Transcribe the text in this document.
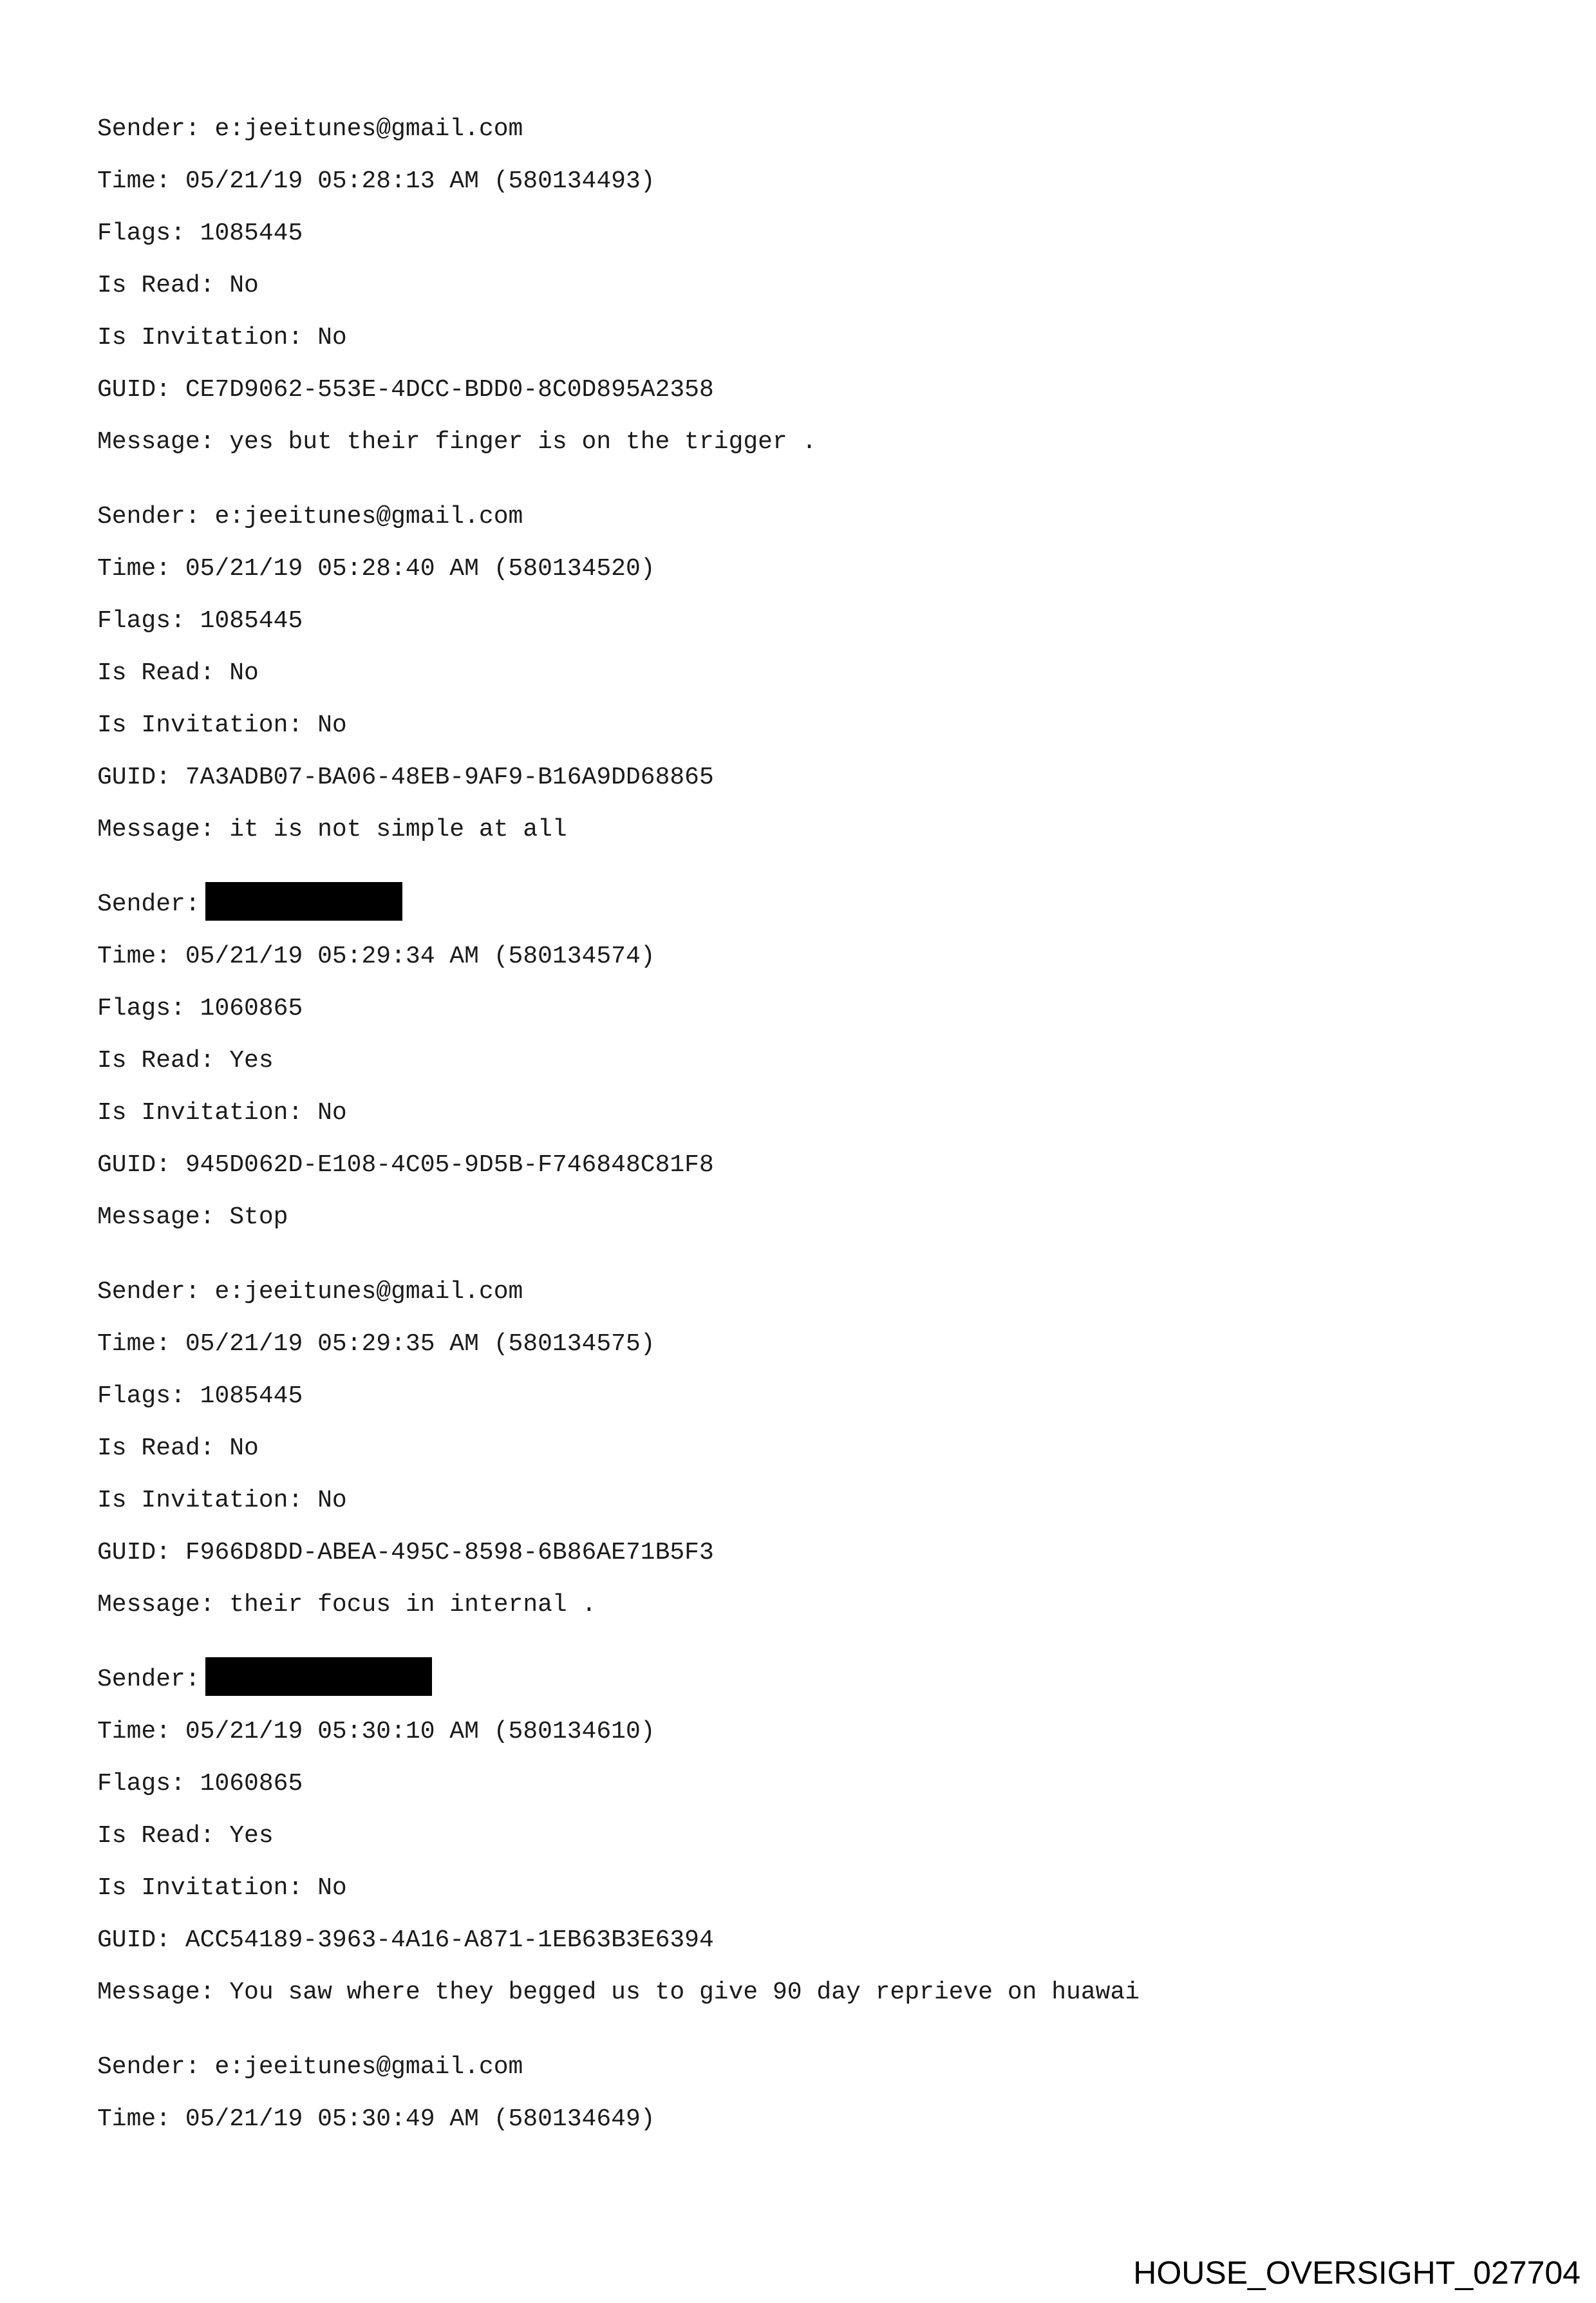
Sender: e:jeeitunes@gmail.com
Time: 05/21/19 05:28:13 AM (580134493)
Flags: 1085445
Is Read: No
Is Invitation: No
GUID: CE7D9062-553E-4DCC-BDD0-8C0D895A2358
Message: yes but their finger is on the trigger .
Sender: e:jeeitunes@gmail.com
Time: 05/21/19 05:28:40 AM (580134520)
Flags: 1085445
Is Read: No
Is Invitation: No
GUID: 7A3ADB07-BA06-48EB-9AF9-B16A9DD68865
Message: it is not simple at all
Sender:
Time: 05/21/19 05:29:34 AM (580134574)
Flags: 1060865
Is Read: Yes
Is Invitation: No
GUID: 945D062D-E108-4C05-9D5B-F746848C81F8
Message: Stop
Sender: e:jeeitunes@gmail.com
Time: 05/21/19 05:29:35 AM (580134575)
Flags: 1085445
Is Read: No
Is Invitation: No
GUID: F966D8DD-ABEA-495C-8598-6B86AE71B5F3
Message: their focus in internal .
Sender:
Time: 05/21/19 05:30:10 AM (580134610)
Flags: 1060865
Is Read: Yes
Is Invitation: No
GUID: ACC54189-3963-4A16-A871-1EB63B3E6394
Message: You saw where they begged us to give 90 day reprieve on huawai
Sender: e:jeeitunes@gmail.com
Time: 05/21/19 05:30:49 AM (580134649)
HOUSE_OVERSIGHT_027704
